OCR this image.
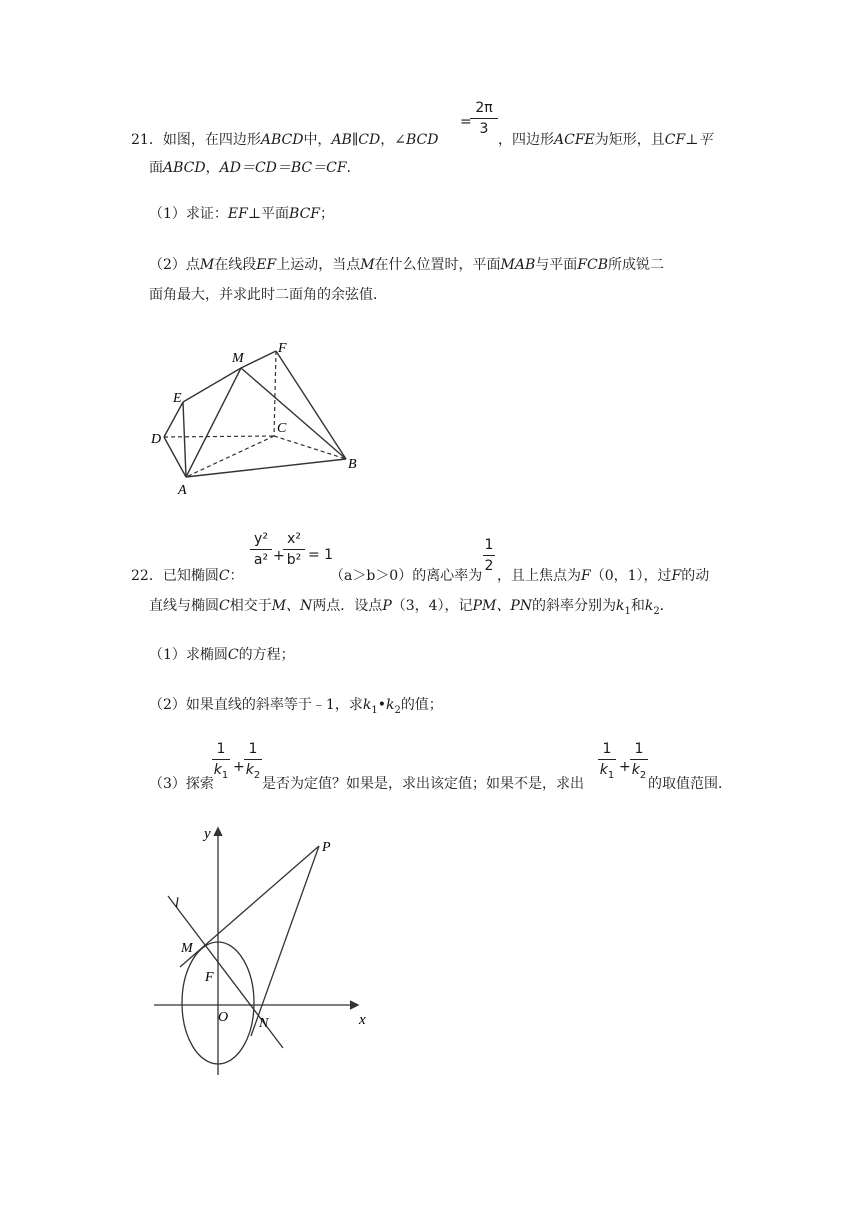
2π
3
=
21．如图，在四边形ABCD中，AB∥CD，∠BCD	，四边形ACFE为矩形，且CF⊥平
面ABCD，AD＝CD＝BC＝CF．
（1）求证：EF⊥平面BCF；
（2）点M在线段EF上运动，当点M在什么位置时，平面MAB与平面FCB所成锐二
面角最大，并求此时二面角的余弦值．
M
F
E
D
C
B
A
y²
a² +
x²
b² = 1
1
2
22．已知椭圆C：	（a＞b＞0）的离心率为 ，且上焦点为F（0，1），过F的动
直线与椭圆C相交于M、N两点．设点P（3，4），记PM、PN的斜率分别为$k_1$和$k_2$．
（1）求椭圆C的方程；
（2）如果直线的斜率等于﹣1，求$k_1•k_2$的值；
1
$k_1$
+
1
$k_2$
1
$k_1$
+
1
$k_2$
（3）探索	是否为定值？如果是，求出该定值；如果不是，求出	的取值范围．
y
x
P
l
M
F
O N
